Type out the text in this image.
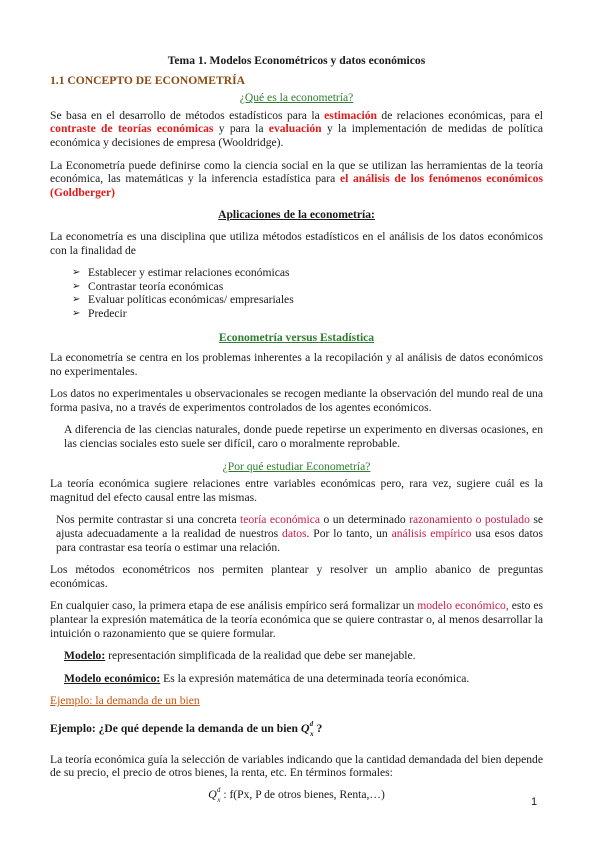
Tema 1. Modelos Econométricos y datos económicos
1.1 CONCEPTO DE ECONOMETRÍA
¿Qué es la econometría?

Se basa en el desarrollo de métodos estadísticos para la estimación de relaciones económicas, para el contraste de teorías económicas y para la evaluación y la implementación de medidas de política económica y decisiones de empresa (Wooldridge).

La Econometría puede definirse como la ciencia social en la que se utilizan las herramientas de la teoría económica, las matemáticas y la inferencia estadística para el análisis de los fenómenos económicos (Goldberger)

Aplicaciones de la econometría:

La econometría es una disciplina que utiliza métodos estadísticos en el análisis de los datos económicos con la finalidad de

➢ Establecer y estimar relaciones económicas
➢ Contrastar teoría económicas
➢ Evaluar políticas económicas/ empresariales
➢ Predecir
Econometría versus Estadística

La econometría se centra en los problemas inherentes a la recopilación y al análisis de datos económicos no experimentales.

Los datos no experimentales u observacionales se recogen mediante la observación del mundo real de una forma pasiva, no a través de experimentos controlados de los agentes económicos.

A diferencia de las ciencias naturales, donde puede repetirse un experimento en diversas ocasiones, en las ciencias sociales esto suele ser difícil, caro o moralmente reprobable.

¿Por qué estudiar Econometría?

La teoría económica sugiere relaciones entre variables económicas pero, rara vez, sugiere cuál es la magnitud del efecto causal entre las mismas.

Nos permite contrastar si una concreta teoría económica o un determinado razonamiento o postulado se ajusta adecuadamente a la realidad de nuestros datos. Por lo tanto, un análisis empírico usa esos datos para contrastar esa teoría o estimar una relación.

Los métodos econométricos nos permiten plantear y resolver un amplio abanico de preguntas económicas.

En cualquier caso, la primera etapa de ese análisis empírico será formalizar un modelo económico, esto es plantear la expresión matemática de la teoría económica que se quiere contrastar o, al menos desarrollar la intuición o razonamiento que se quiere formular.

Modelo: representación simplificada de la realidad que debe ser manejable.

Modelo económico: Es la expresión matemática de una determinada teoría económica.

Ejemplo: la demanda de un bien

Ejemplo: ¿De qué depende la demanda de un bien $Q^d_x$ ?

La teoría económica guía la selección de variables indicando que la cantidad demandada del bien depende de su precio, el precio de otros bienes, la renta, etc. En términos formales:

$Q^d_x$ : f(Px, P de otros bienes, Renta,…)
1
